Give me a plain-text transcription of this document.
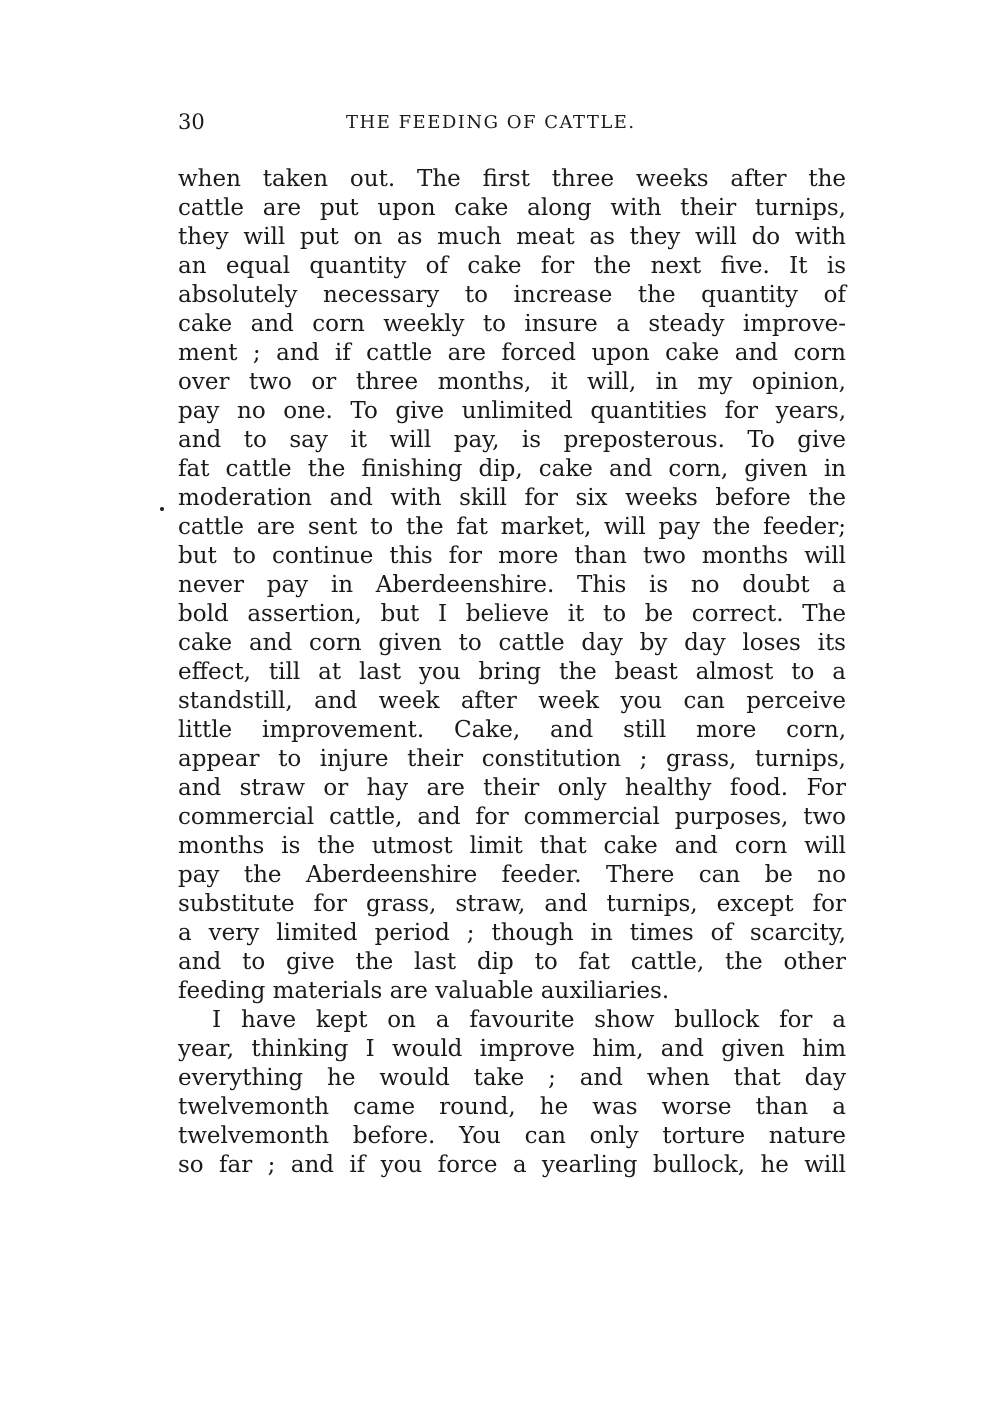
30	THE FEEDING OF CATTLE.
when taken out. The first three weeks after the
cattle are put upon cake along with their turnips,
they will put on as much meat as they will do with
an equal quantity of cake for the next five. It is
absolutely necessary to increase the quantity of
cake and corn weekly to insure a steady improve-
ment ; and if cattle are forced upon cake and corn
over two or three months, it will, in my opinion,
pay no one. To give unlimited quantities for years,
and to say it will pay, is preposterous. To give
fat cattle the finishing dip, cake and corn, given in
moderation and with skill for six weeks before the
cattle are sent to the fat market, will pay the feeder;
but to continue this for more than two months will
never pay in Aberdeenshire. This is no doubt a
bold assertion, but I believe it to be correct. The
cake and corn given to cattle day by day loses its
effect, till at last you bring the beast almost to a
standstill, and week after week you can perceive
little improvement. Cake, and still more corn,
appear to injure their constitution ; grass, turnips,
and straw or hay are their only healthy food. For
commercial cattle, and for commercial purposes, two
months is the utmost limit that cake and corn will
pay the Aberdeenshire feeder. There can be no
substitute for grass, straw, and turnips, except for
a very limited period ; though in times of scarcity,
and to give the last dip to fat cattle, the other
feeding materials are valuable auxiliaries.
I have kept on a favourite show bullock for a
year, thinking I would improve him, and given him
everything he would take ; and when that day
twelvemonth came round, he was worse than a
twelvemonth before. You can only torture nature
so far ; and if you force a yearling bullock, he will
